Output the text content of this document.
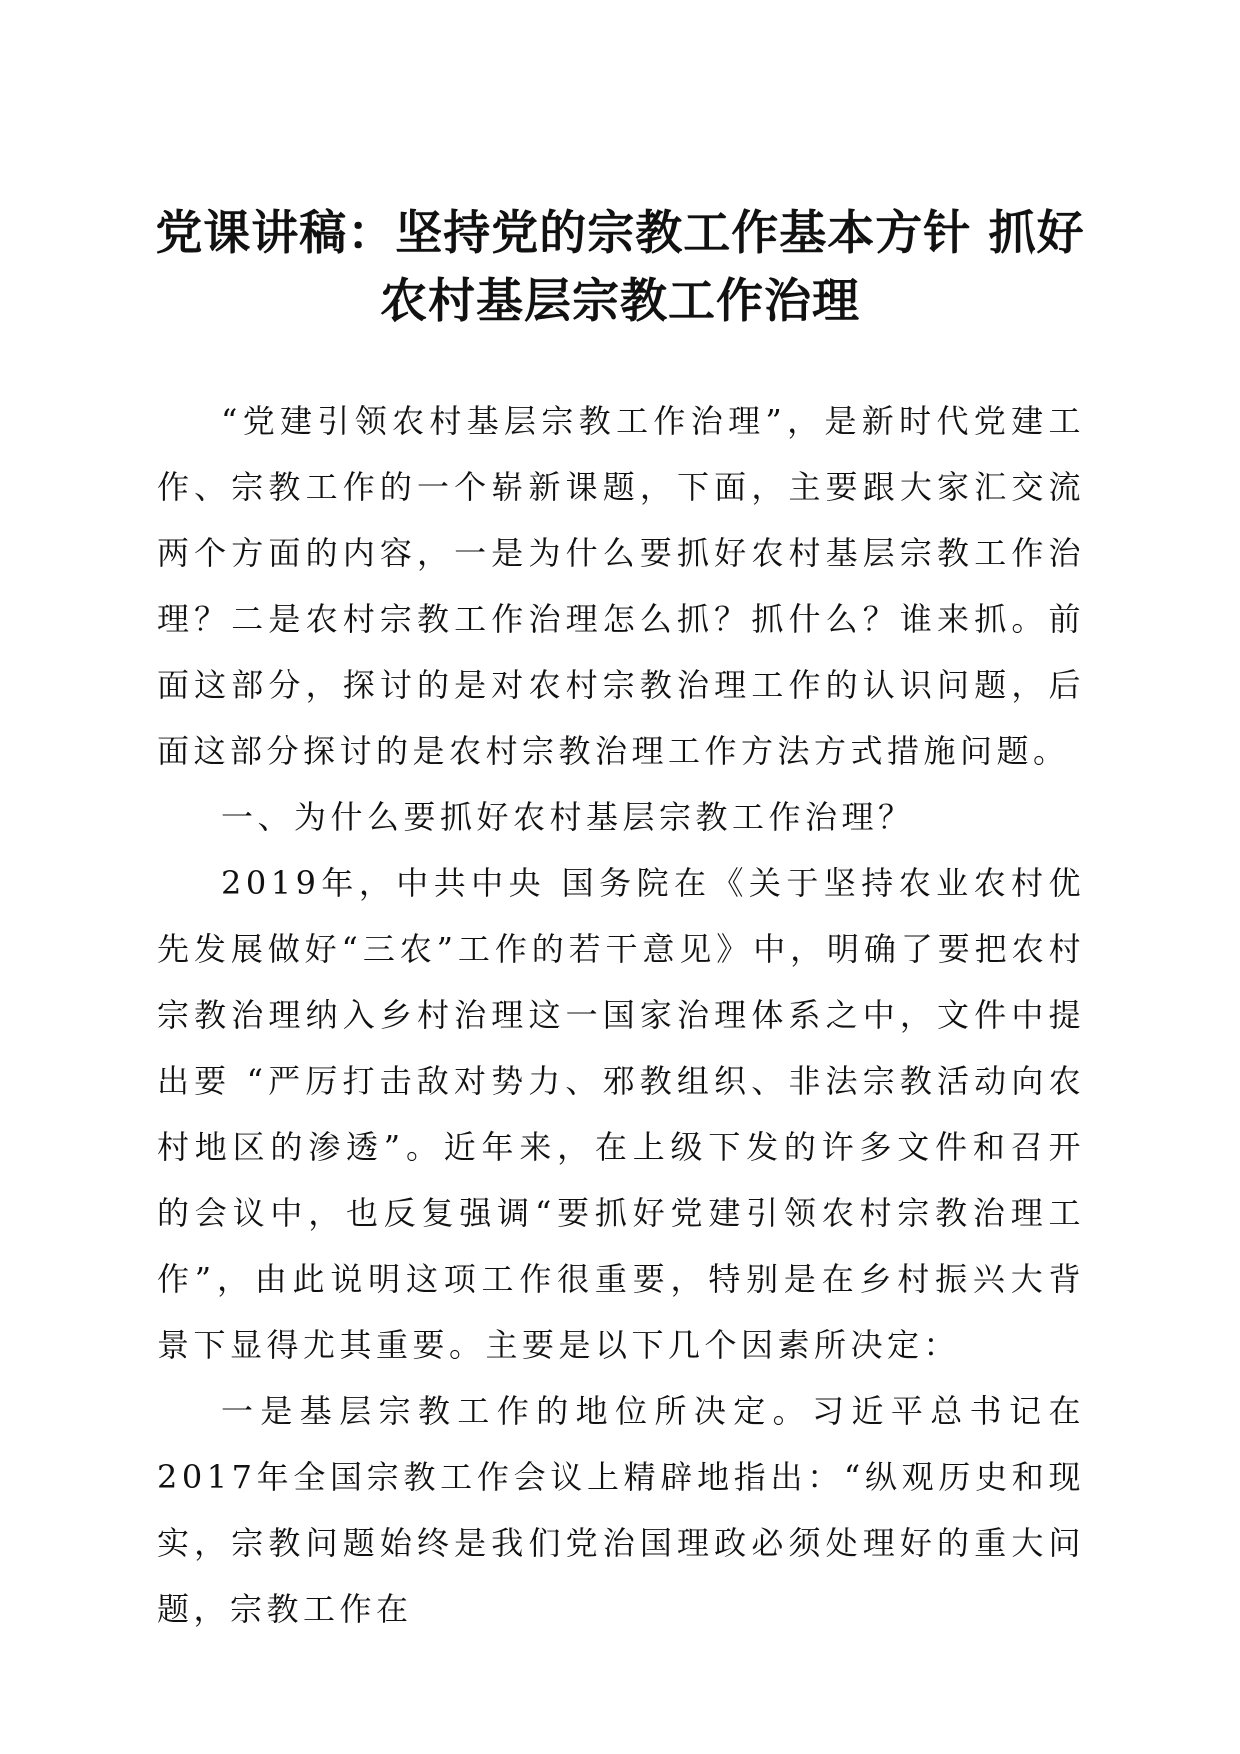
党课讲稿：坚持党的宗教工作基本方针 抓好
农村基层宗教工作治理

“党建引领农村基层宗教工作治理”，是新时代党建工作、宗教工作的一个崭新课题，下面，主要跟大家汇交流两个方面的内容，一是为什么要抓好农村基层宗教工作治理？二是农村宗教工作治理怎么抓？抓什么？谁来抓。前面这部分，探讨的是对农村宗教治理工作的认识问题，后面这部分探讨的是农村宗教治理工作方法方式措施问题。

一、为什么要抓好农村基层宗教工作治理？

2019年，中共中央 国务院在《关于坚持农业农村优先发展做好“三农”工作的若干意见》中，明确了要把农村宗教治理纳入乡村治理这一国家治理体系之中，文件中提出要 “严厉打击敌对势力、邪教组织、非法宗教活动向农村地区的渗透”。近年来，在上级下发的许多文件和召开的会议中，也反复强调“要抓好党建引领农村宗教治理工作”，由此说明这项工作很重要，特别是在乡村振兴大背景下显得尤其重要。主要是以下几个因素所决定：

一是基层宗教工作的地位所决定。习近平总书记在2017年全国宗教工作会议上精辟地指出：“纵观历史和现实，宗教问题始终是我们党治国理政必须处理好的重大问题，宗教工作在
